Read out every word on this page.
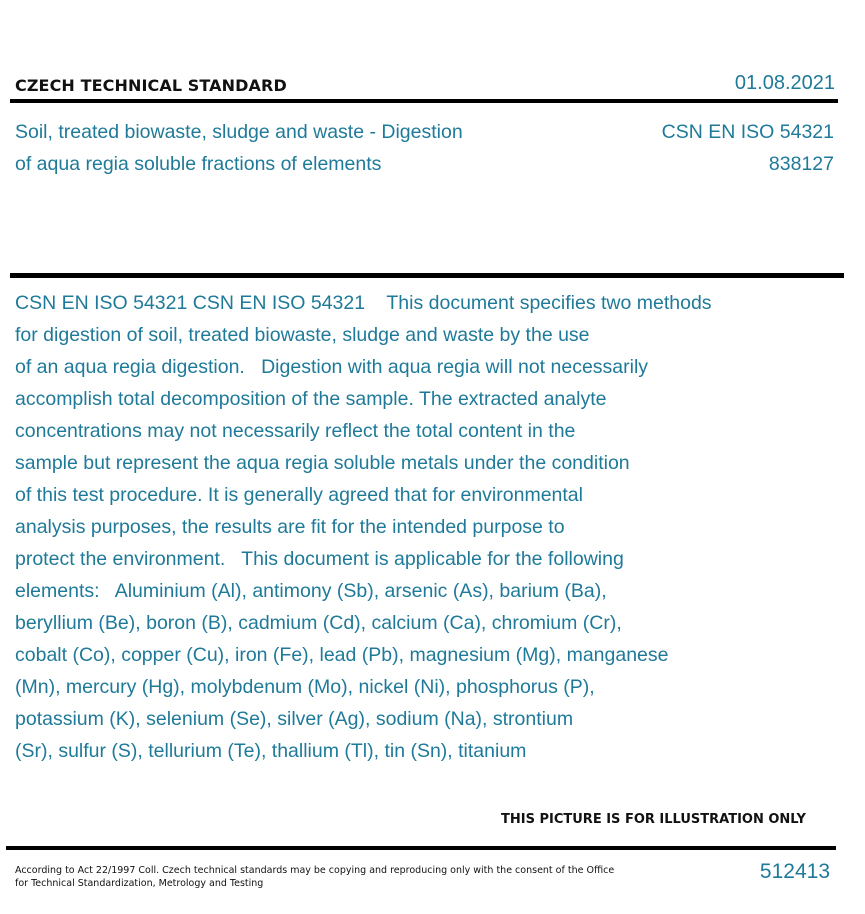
CZECH TECHNICAL STANDARD	01.08.2021
Soil, treated biowaste, sludge and waste - Digestion
of aqua regia soluble fractions of elements
CSN EN ISO 54321
838127
CSN EN ISO 54321 CSN EN ISO 54321    This document specifies two methods
for digestion of soil, treated biowaste, sludge and waste by the use
of an aqua regia digestion.   Digestion with aqua regia will not necessarily
accomplish total decomposition of the sample. The extracted analyte
concentrations may not necessarily reflect the total content in the
sample but represent the aqua regia soluble metals under the condition
of this test procedure. It is generally agreed that for environmental
analysis purposes, the results are fit for the intended purpose to
protect the environment.   This document is applicable for the following
elements:   Aluminium (Al), antimony (Sb), arsenic (As), barium (Ba),
beryllium (Be), boron (B), cadmium (Cd), calcium (Ca), chromium (Cr),
cobalt (Co), copper (Cu), iron (Fe), lead (Pb), magnesium (Mg), manganese
(Mn), mercury (Hg), molybdenum (Mo), nickel (Ni), phosphorus (P),
potassium (K), selenium (Se), silver (Ag), sodium (Na), strontium
(Sr), sulfur (S), tellurium (Te), thallium (Tl), tin (Sn), titanium
THIS PICTURE IS FOR ILLUSTRATION ONLY
According to Act 22/1997 Coll. Czech technical standards may be copying and reproducing only with the consent of the Office
for Technical Standardization, Metrology and Testing
512413
